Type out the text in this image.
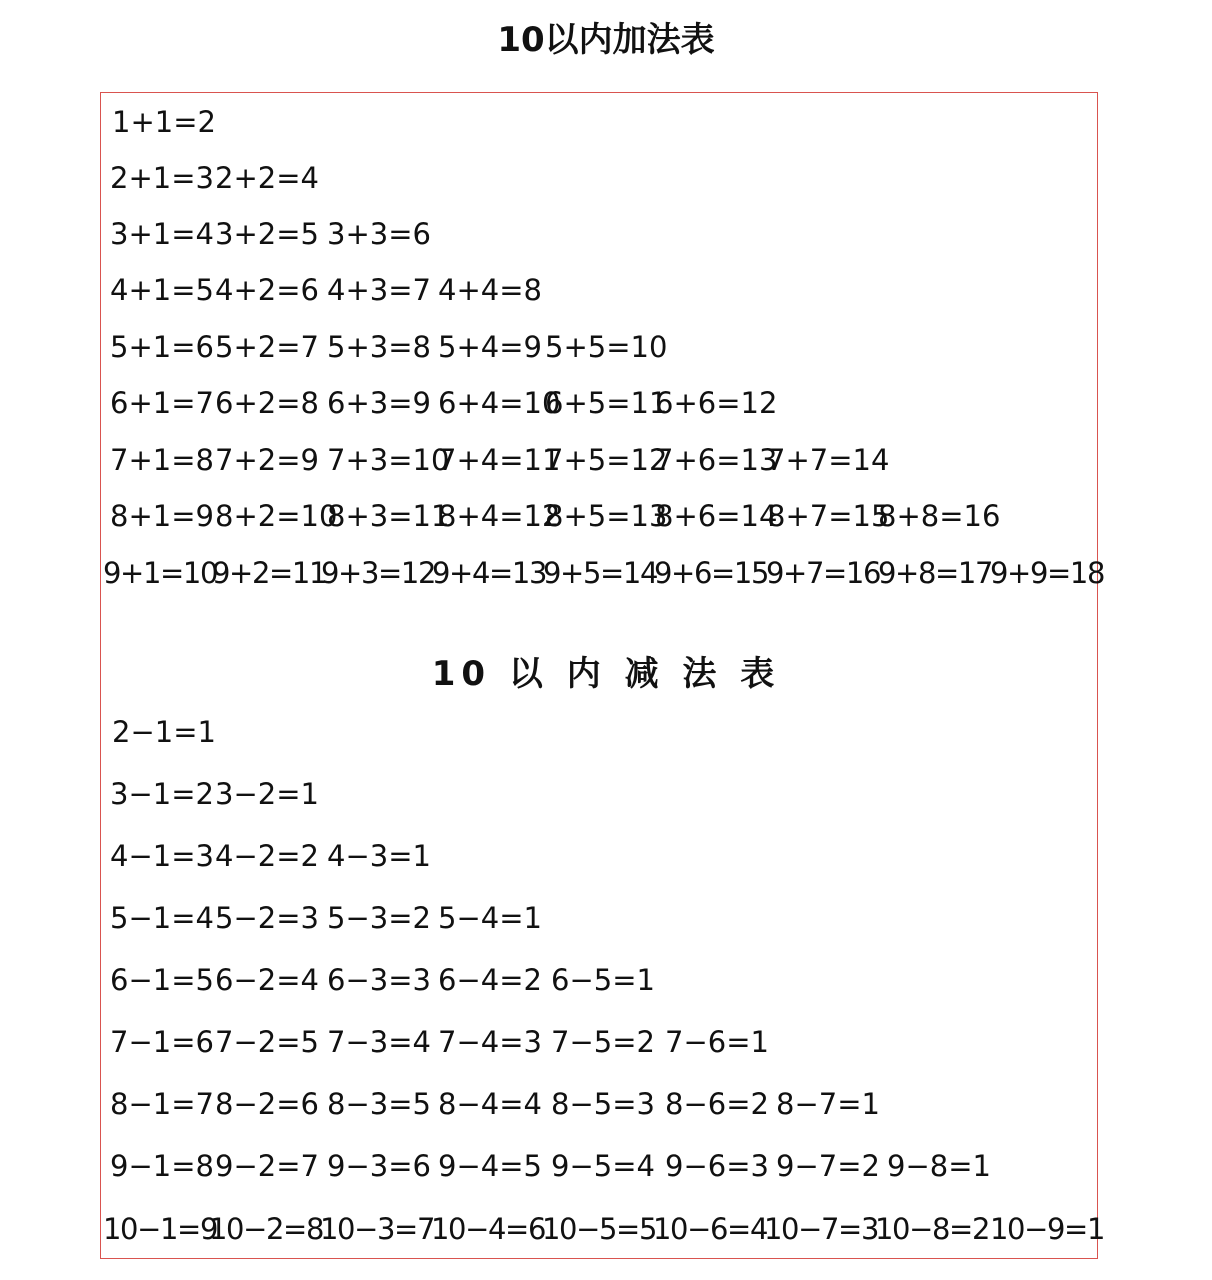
10以内加法表
1+1=2
2+1=3 2+2=4
3+1=4 3+2=5 3+3=6
4+1=5 4+2=6 4+3=7 4+4=8
5+1=6 5+2=7 5+3=8 5+4=9 5+5=10
6+1=7 6+2=8 6+3=9 6+4=10
6+5=11
6+6=12
7+1=8 7+2=9 7+3=10
7+4=11
7+5=12
7+6=13
7+7=14
8+1=9 8+2=10
8+3=11
8+4=12
8+5=13
8+6=14
8+7=15
8+8=16
9+1=10
9+2=11
9+3=12
9+4=13
9+5=14
9+6=15
9+7=16
9+8=17
9+9=18
10 以 内 减 法 表
2−1=1
3−1=2 3−2=1
4−1=3 4−2=2 4−3=1
5−1=4 5−2=3 5−3=2 5−4=1
6−1=5 6−2=4 6−3=3 6−4=2 6−5=1
7−1=6 7−2=5 7−3=4 7−4=3 7−5=2 7−6=1
8−1=7 8−2=6 8−3=5 8−4=4 8−5=3 8−6=2 8−7=1
9−1=8 9−2=7 9−3=6 9−4=5 9−5=4 9−6=3 9−7=2 9−8=1
10−1=9
10−2=8
10−3=7
10−4=6
10−5=5
10−6=4
10−7=3
10−8=2 10−9=1
